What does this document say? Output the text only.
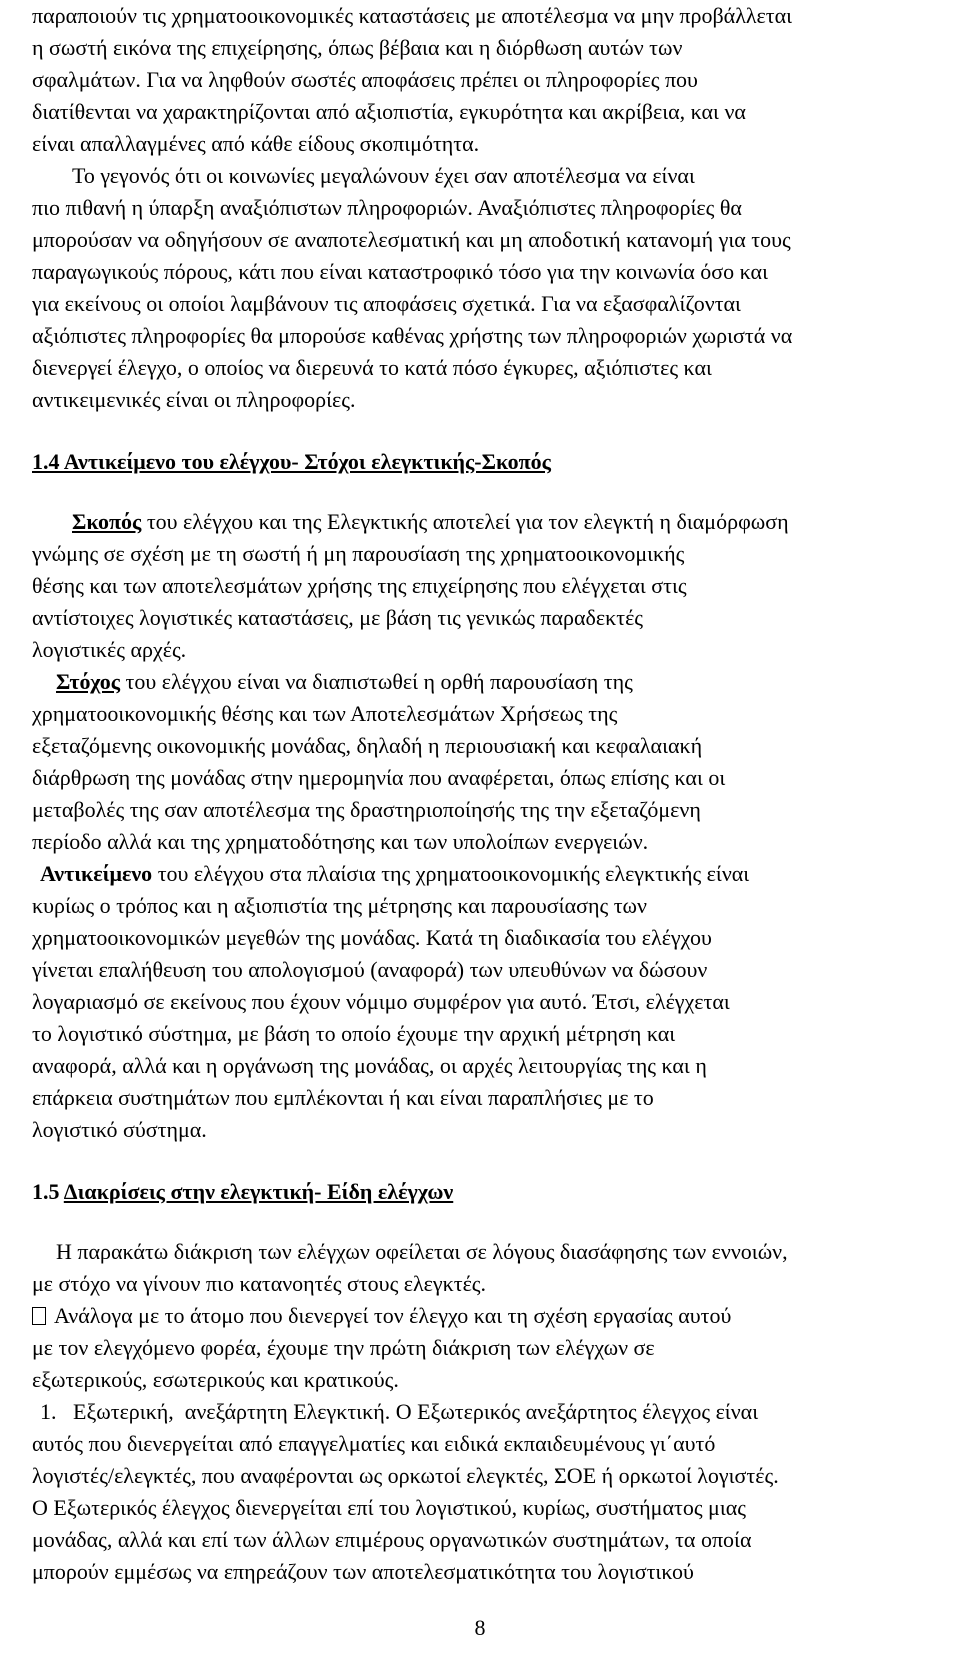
παραποιούν τις χρηματοοικονομικές καταστάσεις με αποτέλεσμα να μην προβάλλεται
η σωστή εικόνα της επιχείρησης, όπως βέβαια και η διόρθωση αυτών των
σφαλμάτων. Για να ληφθούν σωστές αποφάσεις πρέπει οι πληροφορίες που
διατίθενται να χαρακτηρίζονται από αξιοπιστία, εγκυρότητα και ακρίβεια, και να
είναι απαλλαγμένες από κάθε είδους σκοπιμότητα.
Το γεγονός ότι οι κοινωνίες μεγαλώνουν έχει σαν αποτέλεσμα να είναι
πιο πιθανή η ύπαρξη αναξιόπιστων πληροφοριών. Αναξιόπιστες πληροφορίες θα
μπορούσαν να οδηγήσουν σε αναποτελεσματική και μη αποδοτική κατανομή για τους
παραγωγικούς πόρους, κάτι που είναι καταστροφικό τόσο για την κοινωνία όσο και
για εκείνους οι οποίοι λαμβάνουν τις αποφάσεις σχετικά. Για να εξασφαλίζονται
αξιόπιστες πληροφορίες θα μπορούσε καθένας χρήστης των πληροφοριών χωριστά να
διενεργεί έλεγχο, ο οποίος να διερευνά το κατά πόσο έγκυρες, αξιόπιστες και
αντικειμενικές είναι οι πληροφορίες.
1.4 Αντικείμενο του ελέγχου- Στόχοι ελεγκτικής-Σκοπός
Σκοπός του ελέγχου και της Ελεγκτικής αποτελεί για τον ελεγκτή η διαμόρφωση
γνώμης σε σχέση με τη σωστή ή μη παρουσίαση της χρηματοοικονομικής
θέσης και των αποτελεσμάτων χρήσης της επιχείρησης που ελέγχεται στις
αντίστοιχες λογιστικές καταστάσεις, με βάση τις γενικώς παραδεκτές
λογιστικές αρχές.
Στόχος του ελέγχου είναι να διαπιστωθεί η ορθή παρουσίαση της
χρηματοοικονομικής θέσης και των Αποτελεσμάτων Χρήσεως της
εξεταζόμενης οικονομικής μονάδας, δηλαδή η περιουσιακή και κεφαλαιακή
διάρθρωση της μονάδας στην ημερομηνία που αναφέρεται, όπως επίσης και οι
μεταβολές της σαν αποτέλεσμα της δραστηριοποίησής της την εξεταζόμενη
περίοδο αλλά και της χρηματοδότησης και των υπολοίπων ενεργειών.
Αντικείμενο του ελέγχου στα πλαίσια της χρηματοοικονομικής ελεγκτικής είναι
κυρίως ο τρόπος και η αξιοπιστία της μέτρησης και παρουσίασης των
χρηματοοικονομικών μεγεθών της μονάδας. Κατά τη διαδικασία του ελέγχου
γίνεται επαλήθευση του απολογισμού (αναφορά) των υπευθύνων να δώσουν
λογαριασμό σε εκείνους που έχουν νόμιμο συμφέρον για αυτό. Έτσι, ελέγχεται
το λογιστικό σύστημα, με βάση το οποίο έχουμε την αρχική μέτρηση και
αναφορά, αλλά και η οργάνωση της μονάδας, οι αρχές λειτουργίας της και η
επάρκεια συστημάτων που εμπλέκονται ή και είναι παραπλήσιες με το
λογιστικό σύστημα.
1.5 Διακρίσεις στην ελεγκτική- Είδη ελέγχων
Η παρακάτω διάκριση των ελέγχων οφείλεται σε λόγους διασάφησης των εννοιών,
με στόχο να γίνουν πιο κατανοητές στους ελεγκτές.
Ανάλογα με το άτομο που διενεργεί τον έλεγχο και τη σχέση εργασίας αυτού
με τον ελεγχόμενο φορέα, έχουμε την πρώτη διάκριση των ελέγχων σε
εξωτερικούς, εσωτερικούς και κρατικούς.
1.   Εξωτερική,  ανεξάρτητη Ελεγκτική. Ο Εξωτερικός ανεξάρτητος έλεγχος είναι
αυτός που διενεργείται από επαγγελματίες και ειδικά εκπαιδευμένους γι΄αυτό
λογιστές/ελεγκτές, που αναφέρονται ως ορκωτοί ελεγκτές, ΣΟΕ ή ορκωτοί λογιστές.
Ο Εξωτερικός έλεγχος διενεργείται επί του λογιστικού, κυρίως, συστήματος μιας
μονάδας, αλλά και επί των άλλων επιμέρους οργανωτικών συστημάτων, τα οποία
μπορούν εμμέσως να επηρεάζουν των αποτελεσματικότητα του λογιστικού
8
